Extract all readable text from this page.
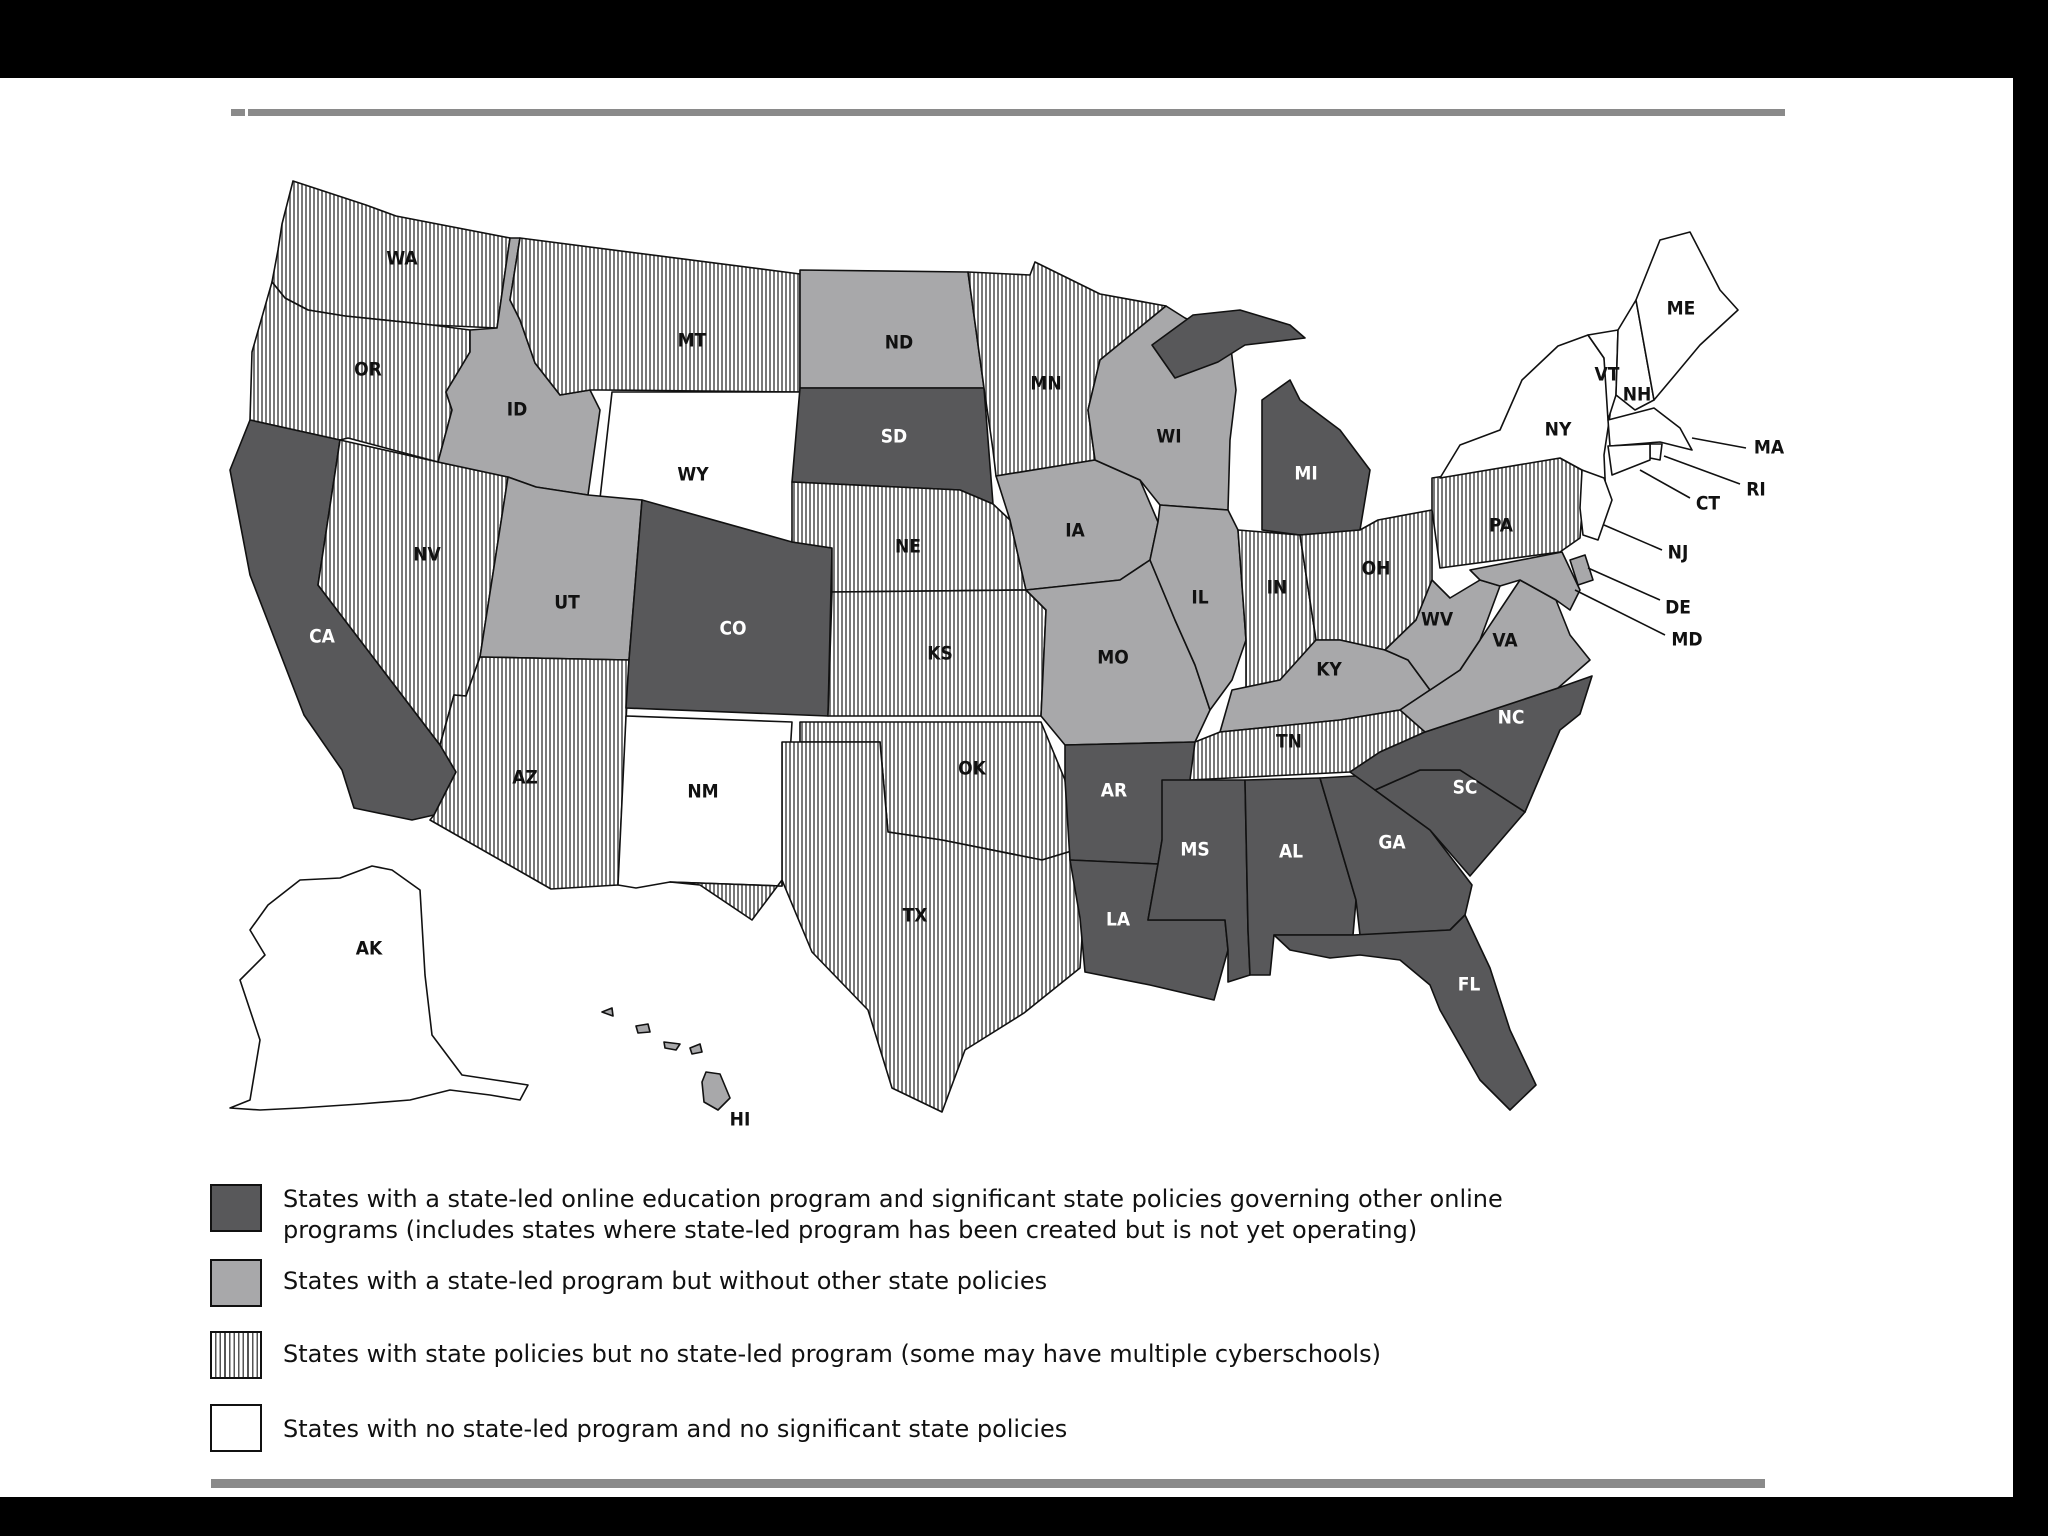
WA
OR
CA
NV
ID
MT
WY
UT
AZ
CO
NM
ND
SD
NE
KS
OK
TX
MN
IA
MO
AR
LA
WI
IL
MI
IN
OH
KY
TN
MS	AL	GA
FL
SC
NC
VA
WV
PA
NY
VT
NH
ME
MA
RI
CT
NJ
DE
MD
AK
HI
States with a state-led online education program and significant state policies governing other online programs (includes states where state-led program has been created but is not yet operating)
States with a state-led program but without other state policies
States with state policies but no state-led program (some may have multiple cyberschools)
States with no state-led program and no significant state policies
